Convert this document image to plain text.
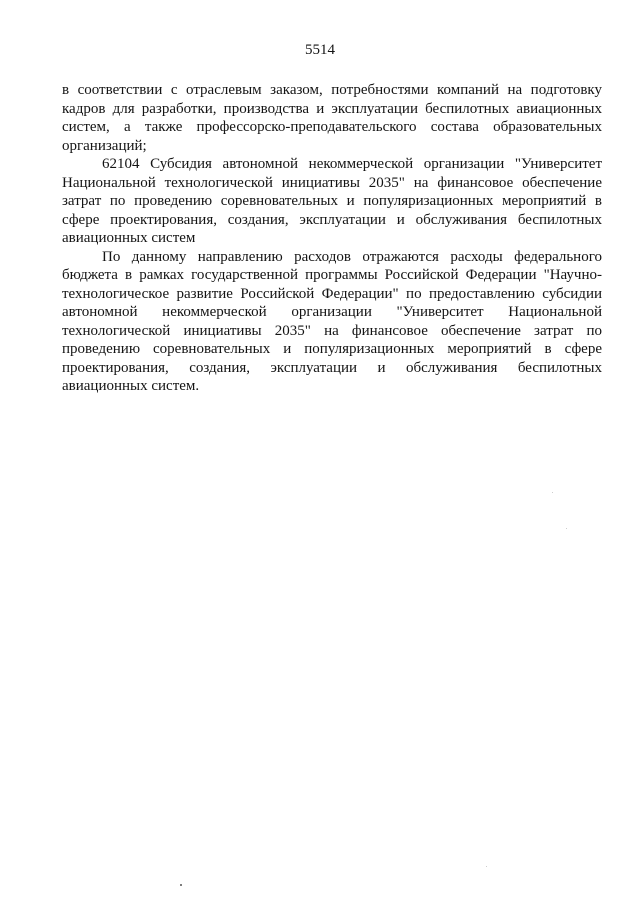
5514

в соответствии с отраслевым заказом, потребностями компаний на подготовку кадров для разработки, производства и эксплуатации беспилотных авиационных систем, а также профессорско-преподавательского состава образовательных организаций;

62104 Субсидия автономной некоммерческой организации "Университет Национальной технологической инициативы 2035" на финансовое обеспечение затрат по проведению соревновательных и популяризационных мероприятий в сфере проектирования, создания, эксплуатации и обслуживания беспилотных авиационных систем

По данному направлению расходов отражаются расходы федерального бюджета в рамках государственной программы Российской Федерации "Научно-технологическое развитие Российской Федерации" по предоставлению субсидии автономной некоммерческой организации "Университет Национальной технологической инициативы 2035" на финансовое обеспечение затрат по проведению соревновательных и популяризационных мероприятий в сфере проектирования, создания, эксплуатации и обслуживания беспилотных авиационных систем.
